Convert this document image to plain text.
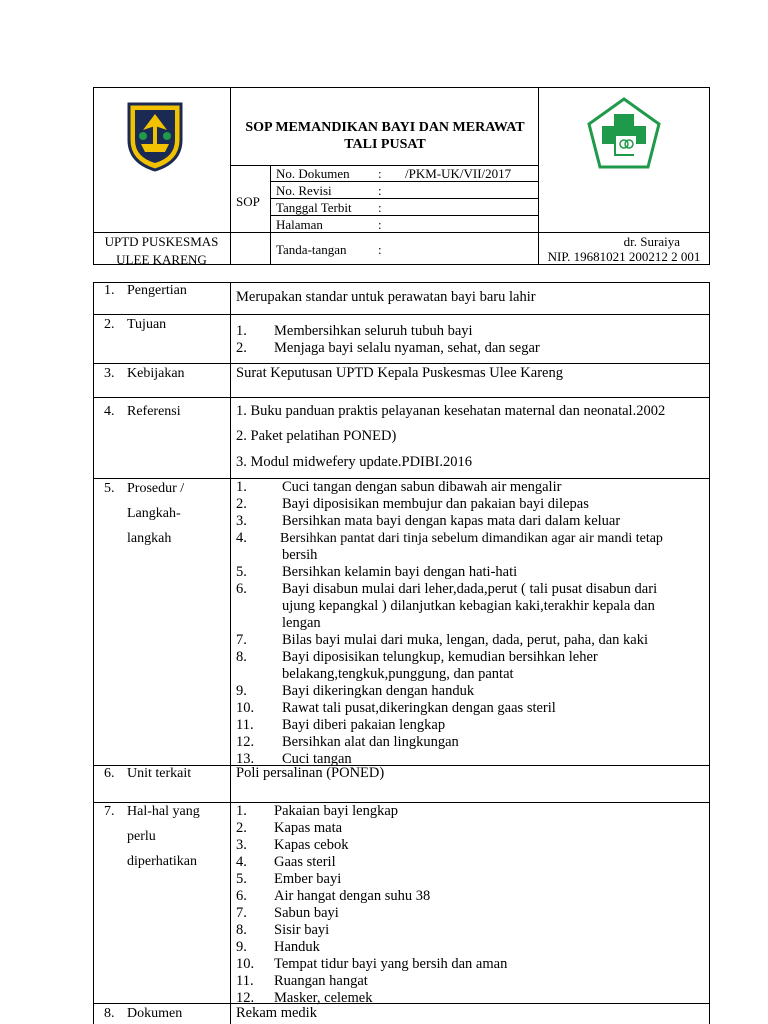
SOP MEMANDIKAN BAYI DAN MERAWAT
TALI PUSAT
SOP
No. Dokumen : /PKM-UK/VII/2017
No. Revisi	:
Tanggal Terbit :
Halaman	:
Tanda-tangan :
UPTD PUSKESMAS
ULEE KARENG
dr. Suraiya
NIP. 19681021 200212 2 001
1. Pengertian	Merupakan standar untuk perawatan bayi baru lahir
2. Tujuan	1. Membersihkan seluruh tubuh bayi
2. Menjaga bayi selalu nyaman, sehat, dan segar
3. Kebijakan	Surat Keputusan UPTD Kepala Puskesmas Ulee Kareng
4. Referensi	1. Buku panduan praktis pelayanan kesehatan maternal dan neonatal.2002
2. Paket pelatihan PONED)
3. Modul midwefery update.PDIBI.2016
5. Prosedur /
Langkah-
langkah
1. Cuci tangan dengan sabun dibawah air mengalir
2. Bayi diposisikan membujur dan pakaian bayi dilepas
3. Bersihkan mata bayi dengan kapas mata dari dalam keluar
4. Bersihkan pantat dari tinja sebelum dimandikan agar air mandi tetap
bersih
5. Bersihkan kelamin bayi dengan hati-hati
6. Bayi disabun mulai dari leher,dada,perut ( tali pusat disabun dari
ujung kepangkal ) dilanjutkan kebagian kaki,terakhir kepala dan
lengan
7. Bilas bayi mulai dari muka, lengan, dada, perut, paha, dan kaki
8. Bayi diposisikan telungkup, kemudian bersihkan leher
belakang,tengkuk,punggung, dan pantat
9. Bayi dikeringkan dengan handuk
10. Rawat tali pusat,dikeringkan dengan gaas steril
11. Bayi diberi pakaian lengkap
12. Bersihkan alat dan lingkungan
13. Cuci tangan
6. Unit terkait	Poli persalinan (PONED)
7. Hal-hal yang
perlu
diperhatikan
1. Pakaian bayi lengkap
2. Kapas mata
3. Kapas cebok
4. Gaas steril
5. Ember bayi
6. Air hangat dengan suhu 38
7. Sabun bayi
8. Sisir bayi
9. Handuk
10. Tempat tidur bayi yang bersih dan aman
11. Ruangan hangat
12. Masker, celemek
8. Dokumen	Rekam medik
